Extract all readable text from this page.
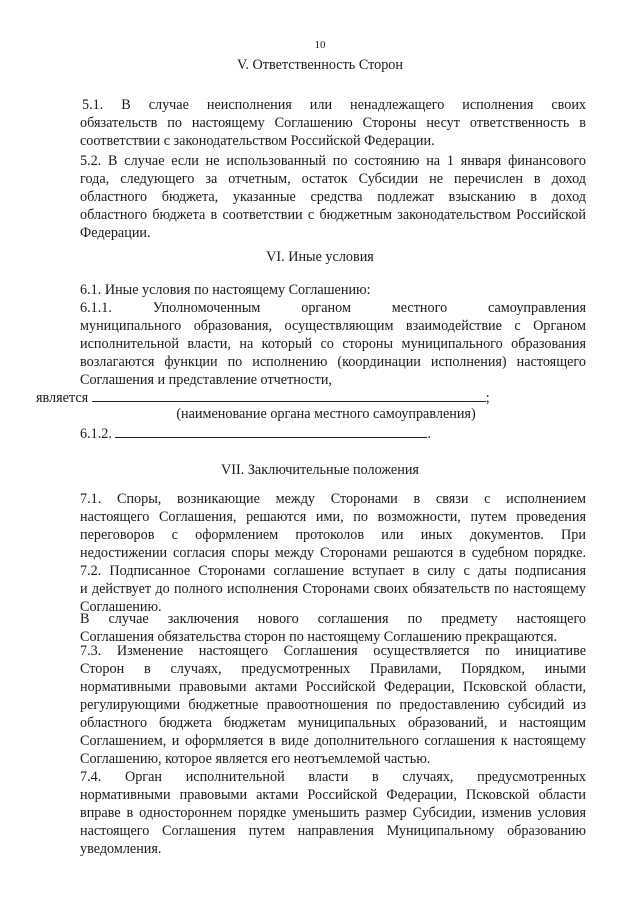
10
V. Ответственность Сторон
5.1. В случае неисполнения или ненадлежащего исполнения своих
обязательств по настоящему Соглашению Стороны несут ответственность в
соответствии с законодательством Российской Федерации.
5.2. В случае если не использованный по состоянию на 1 января финансового
года, следующего за отчетным, остаток Субсидии не перечислен в доход
областного бюджета, указанные средства подлежат взысканию в доход
областного бюджета в соответствии с бюджетным законодательством Российской
Федерации.
VI. Иные условия
6.1. Иные условия по настоящему Соглашению:
6.1.1. Уполномоченным органом местного самоуправления
муниципального образования, осуществляющим взаимодействие с Органом
исполнительной власти, на который со стороны муниципального образования
возлагаются функции по исполнению (координации исполнения) настоящего
Соглашения и представление отчетности,
является	;
(наименование органа местного самоуправления)
6.1.2.	.
VII. Заключительные положения
7.1. Споры, возникающие между Сторонами в связи с исполнением
настоящего Соглашения, решаются ими, по возможности, путем проведения
переговоров с оформлением протоколов или иных документов. При
недостижении согласия споры между Сторонами решаются в судебном порядке.
7.2. Подписанное Сторонами соглашение вступает в силу с даты подписания
и действует до полного исполнения Сторонами своих обязательств по настоящему
Соглашению.
В случае заключения нового соглашения по предмету настоящего
Соглашения обязательства сторон по настоящему Соглашению прекращаются.
7.3. Изменение настоящего Соглашения осуществляется по инициативе
Сторон в случаях, предусмотренных Правилами, Порядком, иными
нормативными правовыми актами Российской Федерации, Псковской области,
регулирующими бюджетные правоотношения по предоставлению субсидий из
областного бюджета бюджетам муниципальных образований, и настоящим
Соглашением, и оформляется в виде дополнительного соглашения к настоящему
Соглашению, которое является его неотъемлемой частью.
7.4. Орган исполнительной власти в случаях, предусмотренных
нормативными правовыми актами Российской Федерации, Псковской области
вправе в одностороннем порядке уменьшить размер Субсидии, изменив условия
настоящего Соглашения путем направления Муниципальному образованию
уведомления.
